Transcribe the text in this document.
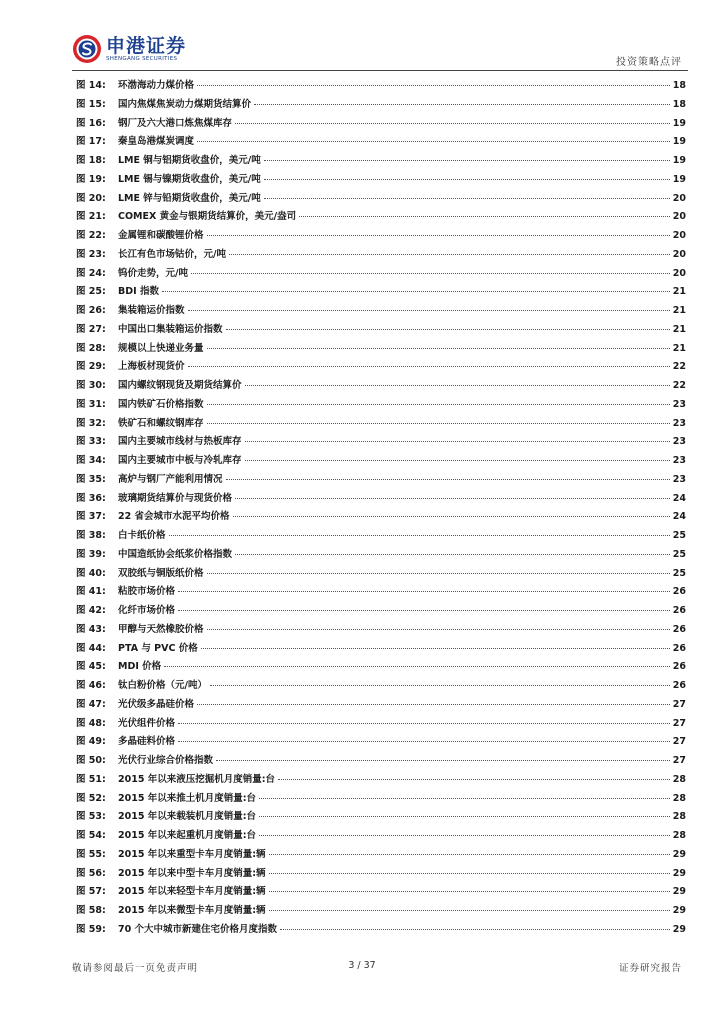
申港证券
SHENGANG SECURITIES	投资策略点评
图 14:	环渤海动力煤价格	18
图 15:	国内焦煤焦炭动力煤期货结算价	18
图 16:	钢厂及六大港口炼焦煤库存	19
图 17:	秦皇岛港煤炭调度	19
图 18:	LME 铜与铝期货收盘价，美元/吨	19
图 19:	LME 锡与镍期货收盘价，美元/吨	19
图 20:	LME 锌与铅期货收盘价，美元/吨	20
图 21:	COMEX 黄金与银期货结算价，美元/盎司	20
图 22:	金属锂和碳酸锂价格	20
图 23:	长江有色市场钴价，元/吨	20
图 24:	钨价走势，元/吨	20
图 25:	BDI 指数	21
图 26:	集装箱运价指数	21
图 27:	中国出口集装箱运价指数	21
图 28:	规模以上快递业务量	21
图 29:	上海板材现货价	22
图 30:	国内螺纹钢现货及期货结算价	22
图 31:	国内铁矿石价格指数	23
图 32:	铁矿石和螺纹钢库存	23
图 33:	国内主要城市线材与热板库存	23
图 34:	国内主要城市中板与冷轧库存	23
图 35:	高炉与钢厂产能利用情况	23
图 36:	玻璃期货结算价与现货价格	24
图 37:	22 省会城市水泥平均价格	24
图 38:	白卡纸价格	25
图 39:	中国造纸协会纸浆价格指数	25
图 40:	双胶纸与铜版纸价格	25
图 41:	粘胶市场价格	26
图 42:	化纤市场价格	26
图 43:	甲醇与天然橡胶价格	26
图 44:	PTA 与 PVC 价格	26
图 45:	MDI 价格	26
图 46:	钛白粉价格（元/吨）	26
图 47:	光伏级多晶硅价格	27
图 48:	光伏组件价格	27
图 49:	多晶硅料价格	27
图 50:	光伏行业综合价格指数	27
图 51:	2015 年以来液压挖掘机月度销量:台	28
图 52:	2015 年以来推土机月度销量:台	28
图 53:	2015 年以来载装机月度销量:台	28
图 54:	2015 年以来起重机月度销量:台	28
图 55:	2015 年以来重型卡车月度销量:辆	29
图 56:	2015 年以来中型卡车月度销量:辆	29
图 57:	2015 年以来轻型卡车月度销量:辆	29
图 58:	2015 年以来微型卡车月度销量:辆	29
图 59:	70 个大中城市新建住宅价格月度指数	29
敬请参阅最后一页免责声明	3 / 37	证券研究报告
